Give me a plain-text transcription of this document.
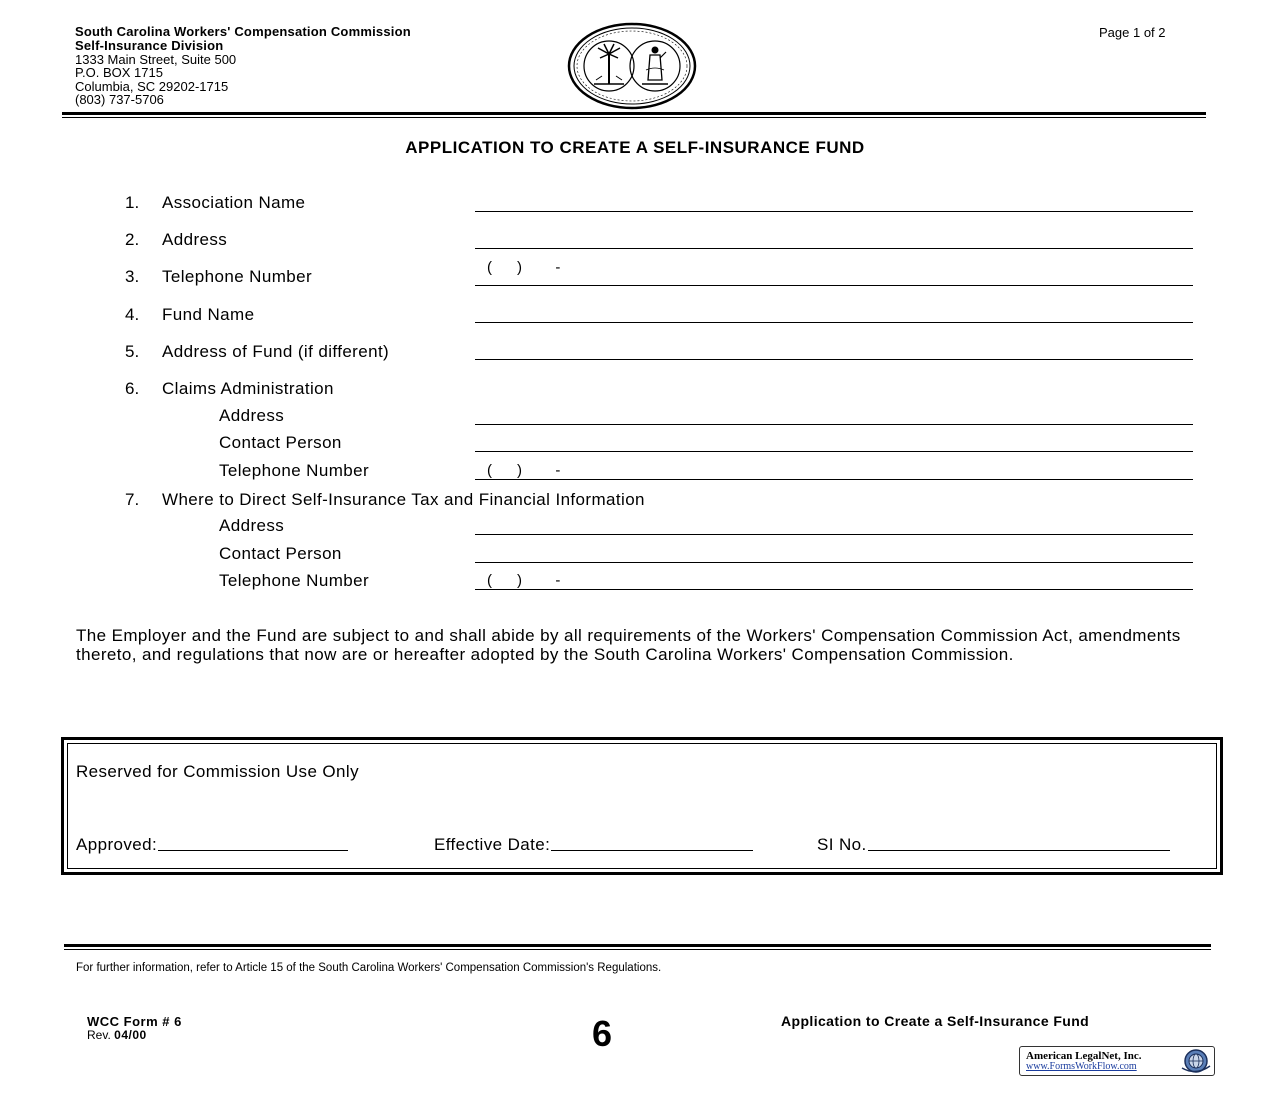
South Carolina Workers' Compensation Commission
Self-Insurance Division
1333 Main Street, Suite 500
P.O. BOX 1715
Columbia, SC 29202-1715
(803) 737-5706
Page 1 of 2
APPLICATION TO CREATE A SELF-INSURANCE FUND
1. Association Name
2. Address
3. Telephone Number	(      )        -
4. Fund Name
5. Address of Fund (if different)
6. Claims Administration
Address
Contact Person
Telephone Number	(      )        -
7. Where to Direct Self-Insurance Tax and Financial Information
Address
Contact Person
Telephone Number	(      )        -
The Employer and the Fund are subject to and shall abide by all requirements of the Workers' Compensation Commission Act, amendments thereto, and regulations that now are or hereafter adopted by the South Carolina Workers' Compensation Commission.
Reserved for Commission Use Only
Approved:	Effective Date:	SI No.
For further information, refer to Article 15 of the South Carolina Workers' Compensation Commission's Regulations.
WCC Form # 6
Rev. 04/00	6	Application to Create a Self-Insurance Fund
American LegalNet, Inc.
www.FormsWorkFlow.com
